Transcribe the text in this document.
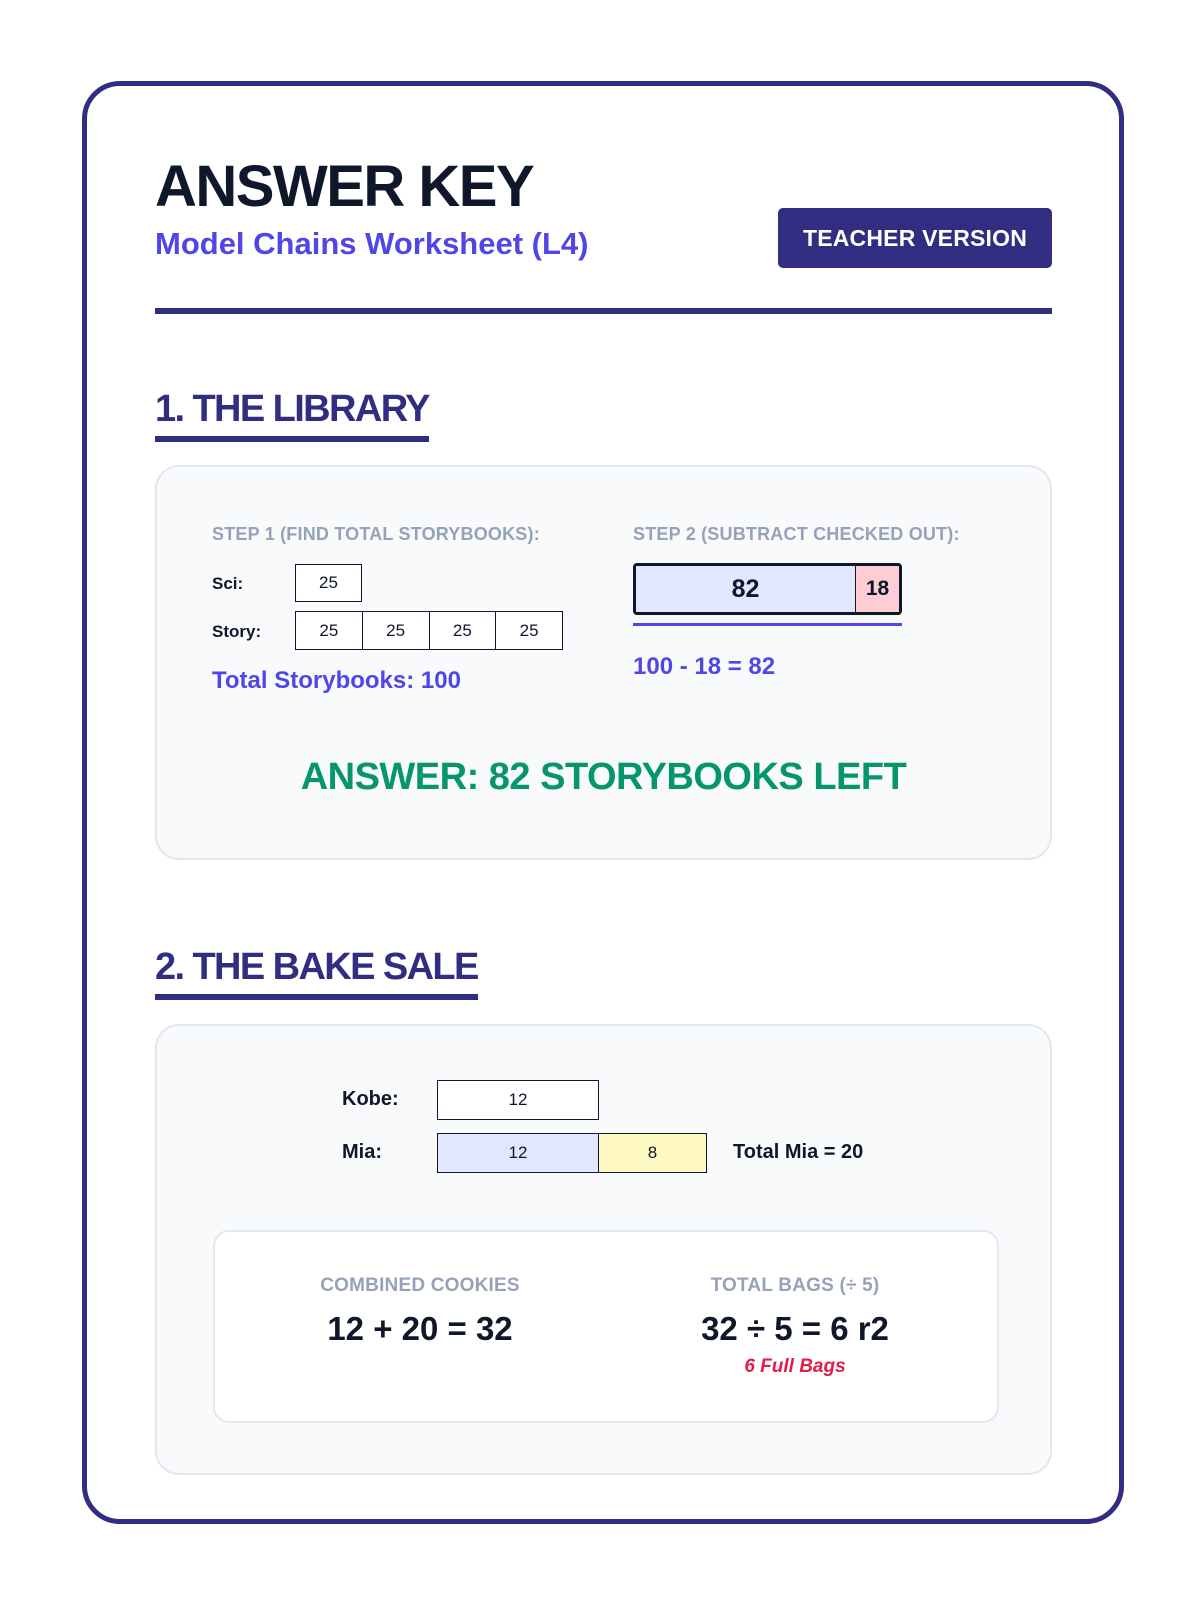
ANSWER KEY
Model Chains Worksheet (L4)	TEACHER VERSION
1. THE LIBRARY
STEP 1 (FIND TOTAL STORYBOOKS):
Sci:	25
Story:	25	25	25	25
Total Storybooks: 100
STEP 2 (SUBTRACT CHECKED OUT):
82	18
100 - 18 = 82
ANSWER: 82 STORYBOOKS LEFT
2. THE BAKE SALE
Kobe:	12
Mia:	12	8	Total Mia = 20
COMBINED COOKIES
12 + 20 = 32
TOTAL BAGS (÷ 5)
32 ÷ 5 = 6 r2
6 Full Bags
